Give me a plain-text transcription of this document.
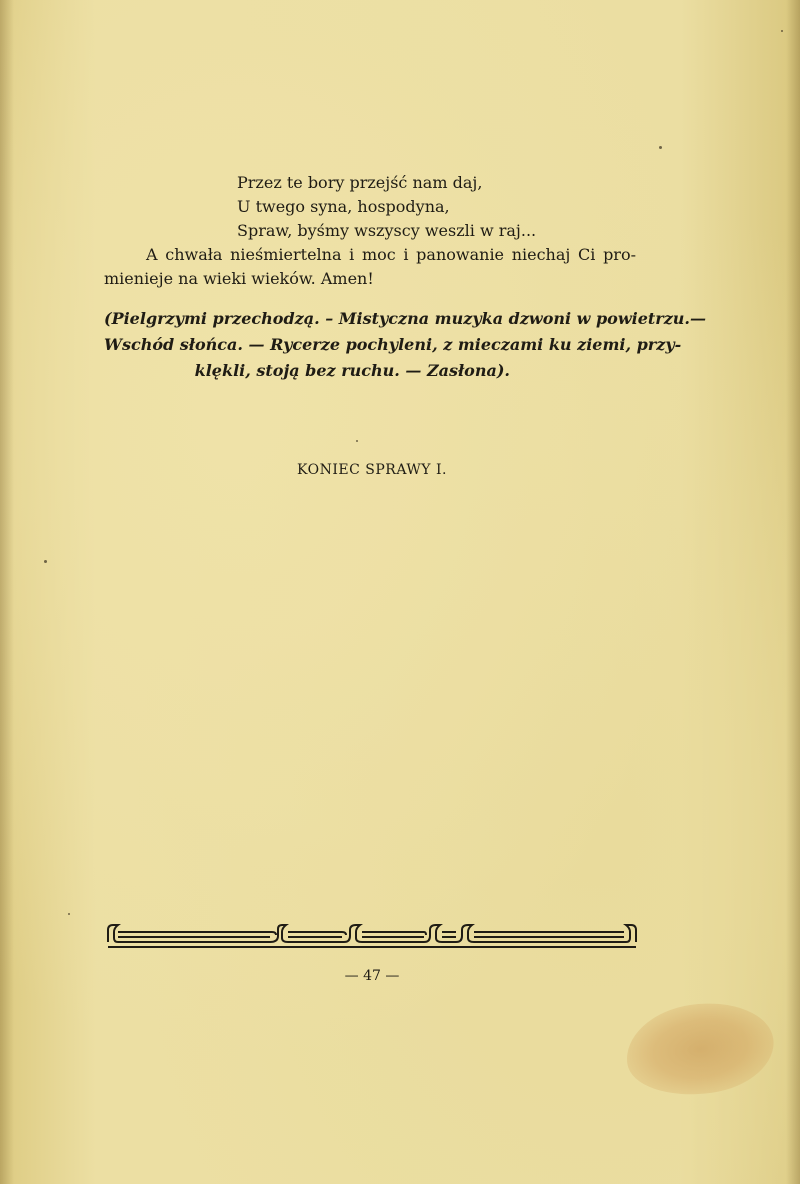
Przez te bory przejść nam daj,
U twego syna, hospodyna,
Spraw, byśmy wszyscy weszli w raj...
A chwała nieśmiertelna i moc i panowanie niechaj Ci pro-
mienieje na wieki wieków. Amen!
(Pielgrzymi przechodzą. – Mistyczna muzyka dzwoni w powietrzu.—
Wschód słońca. — Rycerze pochyleni, z mieczami ku ziemi, przy-
klękli, stoją bez ruchu. — Zasłona).
KONIEC SPRAWY I.
— 47 —
